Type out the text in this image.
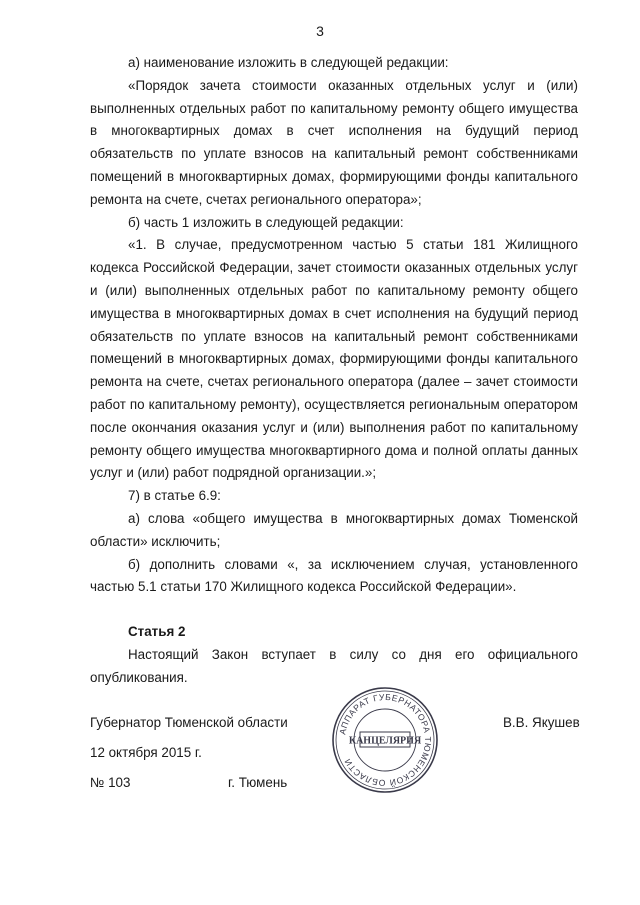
3

а) наименование изложить в следующей редакции:

«Порядок зачета стоимости оказанных отдельных услуг и (или) выполненных отдельных работ по капитальному ремонту общего имущества в многоквартирных домах в счет исполнения на будущий период обязательств по уплате взносов на капитальный ремонт собственниками помещений в многоквартирных домах, формирующими фонды капитального ремонта на счете, счетах регионального оператора»;

б) часть 1 изложить в следующей редакции:

«1. В случае, предусмотренном частью 5 статьи 181 Жилищного кодекса Российской Федерации, зачет стоимости оказанных отдельных услуг и (или) выполненных отдельных работ по капитальному ремонту общего имущества в многоквартирных домах в счет исполнения на будущий период обязательств по уплате взносов на капитальный ремонт собственниками помещений в многоквартирных домах, формирующими фонды капитального ремонта на счете, счетах регионального оператора (далее – зачет стоимости работ по капитальному ремонту), осуществляется региональным оператором после окончания оказания услуг и (или) выполнения работ по капитальному ремонту общего имущества многоквартирного дома и полной оплаты данных услуг и (или) работ подрядной организации.»;

7) в статье 6.9:

а) слова «общего имущества в многоквартирных домах Тюменской области» исключить;

б) дополнить словами «, за исключением случая, установленного частью 5.1 статьи 170 Жилищного кодекса Российской Федерации».

Статья 2

Настоящий Закон вступает в силу со дня его официального опубликования.

Губернатор Тюменской области	В.В. Якушев
12 октября 2015 г.
№ 103	г. Тюмень
АППАРАТ ГУБЕРНАТОРА ТЮМЕНСКОЙ ОБЛАСТИ
КАНЦЕЛЯРИЯ
